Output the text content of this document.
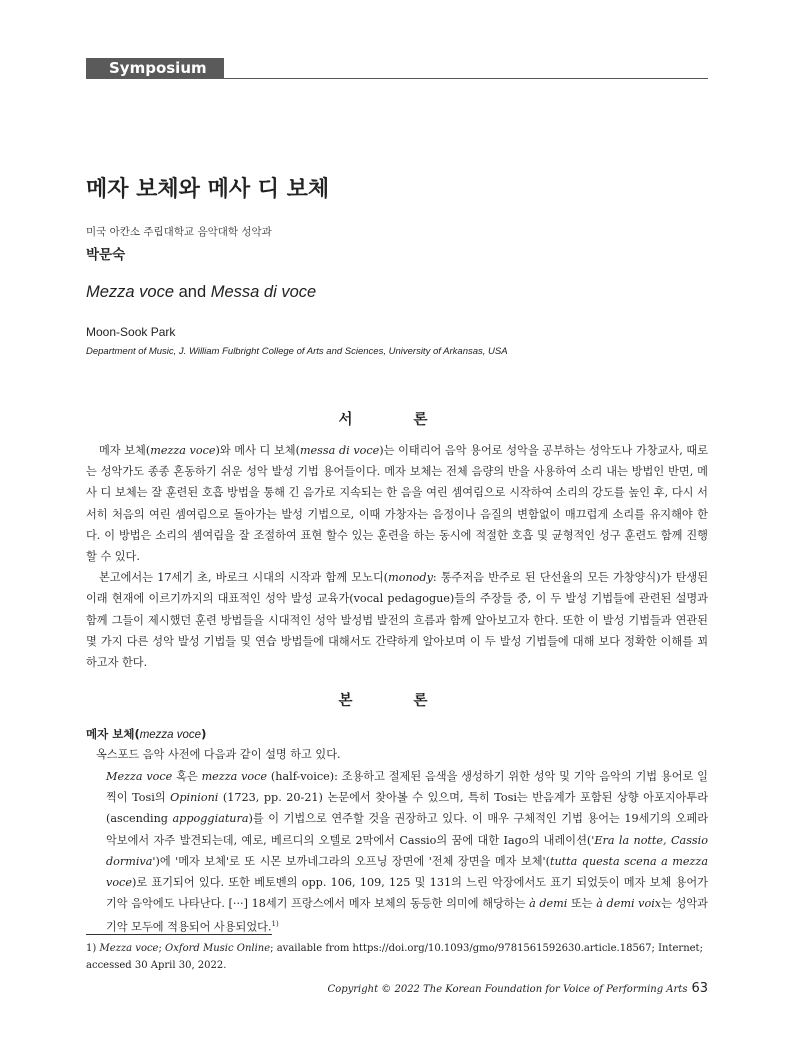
Symposium
메자 보체와 메사 디 보체
미국 아칸소 주립대학교 음악대학 성악과
박문숙
Mezza voce and Messa di voce
Moon-Sook Park
Department of Music, J. William Fulbright College of Arts and Sciences, University of Arkansas, USA
서 론

메자 보체(mezza voce)와 메사 디 보체(messa di voce)는 이태리어 음악 용어로 성악을 공부하는 성악도나 가창교사, 때로는 성악가도 종종 혼동하기 쉬운 성악 발성 기법 용어들이다. 메자 보체는 전체 음량의 반을 사용하여 소리 내는 방법인 반면, 메사 디 보체는 잘 훈련된 호흡 방법을 통해 긴 음가로 지속되는 한 음을 여린 셈여림으로 시작하여 소리의 강도를 높인 후, 다시 서서히 처음의 여린 셈여림으로 돌아가는 발성 기법으로, 이때 가창자는 음정이나 음질의 변함없이 매끄럽게 소리를 유지해야 한다. 이 방법은 소리의 셈여림을 잘 조절하여 표현 할수 있는 훈련을 하는 동시에 적절한 호흡 및 균형적인 성구 훈련도 함께 진행할 수 있다.

본고에서는 17세기 초, 바로크 시대의 시작과 함께 모노디(monody: 통주저음 반주로 된 단선율의 모든 가창양식)가 탄생된 이래 현재에 이르기까지의 대표적인 성악 발성 교육가(vocal pedagogue)들의 주장들 중, 이 두 발성 기법들에 관련된 설명과 함께 그들이 제시했던 훈련 방법들을 시대적인 성악 발성법 발전의 흐름과 함께 알아보고자 한다. 또한 이 발성 기법들과 연관된 몇 가지 다른 성악 발성 기법들 및 연습 방법들에 대해서도 간략하게 알아보며 이 두 발성 기법들에 대해 보다 정확한 이해를 꾀하고자 한다.

본 론
메자 보체(mezza voce)
옥스포드 음악 사전에 다음과 같이 설명 하고 있다.
Mezza voce 혹은 mezza voce (half-voice): 조용하고 절제된 음색을 생성하기 위한 성악 및 기악 음악의 기법 용어로 일찍이 Tosi의 Opinioni (1723, pp. 20-21) 논문에서 찾아볼 수 있으며, 특히 Tosi는 반음계가 포함된 상향 아포지아투라(ascending appoggiatura)를 이 기법으로 연주할 것을 권장하고 있다. 이 매우 구체적인 기법 용어는 19세기의 오페라 악보에서 자주 발견되는데, 예로, 베르디의 오텔로 2막에서 Cassio의 꿈에 대한 Iago의 내레이션('Era la notte, Cassio dormiva')에 '메자 보체'로 또 시몬 보까네그라의 오프닝 장면에 '전체 장면을 메자 보체'(tutta questa scena a mezza voce)로 표기되어 있다. 또한 베토벤의 opp. 106, 109, 125 및 131의 느린 악장에서도 표기 되었듯이 메자 보체 용어가 기악 음악에도 나타난다. [···] 18세기 프랑스에서 메자 보체의 동등한 의미에 해당하는 à demi 또는 à demi voix는 성악과 기악 모두에 적용되어 사용되었다.$^{1)}$
1) Mezza voce; Oxford Music Online; available from https://doi.org/10.1093/gmo/9781561592630.article.18567; Internet; accessed 30 April 30, 2022.
Copyright © 2022 The Korean Foundation for Voice of Performing Arts 63
